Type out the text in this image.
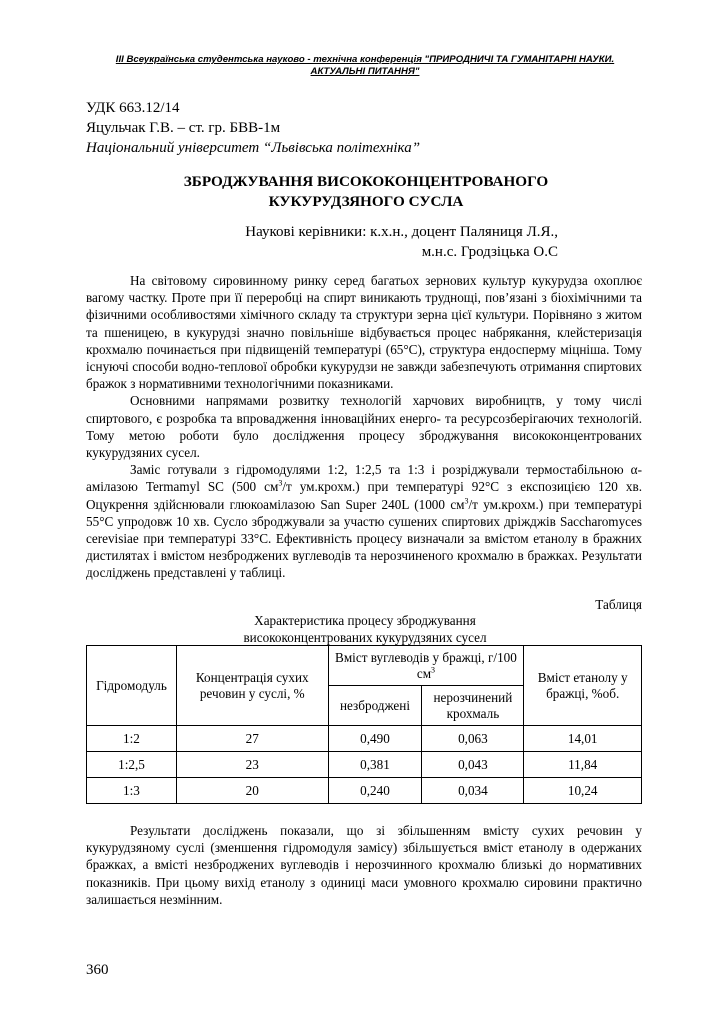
ІІІ Всеукраїнська студентська науково - технічна конференція "ПРИРОДНИЧІ ТА ГУМАНІТАРНІ НАУКИ.
АКТУАЛЬНІ ПИТАННЯ"
УДК 663.12/14
Яцульчак Г.В. – ст. гр. БВВ-1м
Національний університет “Львівська політехніка”
ЗБРОДЖУВАННЯ ВИСОКОКОНЦЕНТРОВАНОГО
КУКУРУДЗЯНОГО СУСЛА
Наукові керівники: к.х.н., доцент Паляниця Л.Я.,
м.н.с. Гродзіцька О.С

На світовому сировинному ринку серед багатьох зернових культур кукурудза охоплює вагому частку. Проте при її переробці на спирт виникають труднощі, пов’язані з біохімічними та фізичними особливостями хімічного складу та структури зерна цієї культури. Порівняно з житом та пшеницею, в кукурудзі значно повільніше відбувається процес набрякання, клейстеризація крохмалю починається при підвищеній температурі (65°С), структура ендосперму міцніша. Тому існуючі способи водно-теплової обробки кукурудзи не завжди забезпечують отримання спиртових бражок з нормативними технологічними показниками.

Основними напрямами розвитку технологій харчових виробництв, у тому числі спиртового, є розробка та впровадження інноваційних енерго- та ресурсозберігаючих технологій. Тому метою роботи було дослідження процесу зброджування висококонцентрованих кукурудзяних сусел.

Заміс готували з гідромодулями 1:2, 1:2,5 та 1:3 і розріджували термостабільною α-амілазою Termamyl SC (500 $см^3/т$ ум.крохм.) при температурі 92°С з експозицією 120 хв. Оцукрення здійснювали глюкоамілазою San Super 240L (1000 $см^3/т$ ум.крохм.) при температурі 55°С упродовж 10 хв. Сусло зброджували за участю сушених спиртових дріжджів Saccharomyces cerevisiae при температурі 33°С. Ефективність процесу визначали за вмістом етанолу в бражних дистилятах і вмістом незброджених вуглеводів та нерозчиненого крохмалю в бражках. Результати досліджень представлені у таблиці.

Таблиця
Характеристика процесу зброджування
висококонцентрованих кукурудзяних сусел
Гідромодуль	Концентрація сухих речовин у суслі, %	Вміст вуглеводів у бражці, г/100 $см^3$		Вміст етанолу у бражці, %об.
		незброджені	нерозчинений крохмаль	
1:2	27	0,490	0,063	14,01
1:2,5	23	0,381	0,043	11,84
1:3	20	0,240	0,034	10,24

Результати досліджень показали, що зі збільшенням вмісту сухих речовин у кукурудзяному суслі (зменшення гідромодуля замісу) збільшується вміст етанолу в одержаних бражках, а вмісті незброджених вуглеводів і нерозчинного крохмалю близькі до нормативних показників. При цьому вихід етанолу з одиниці маси умовного крохмалю сировини практично залишається незмінним.

360
